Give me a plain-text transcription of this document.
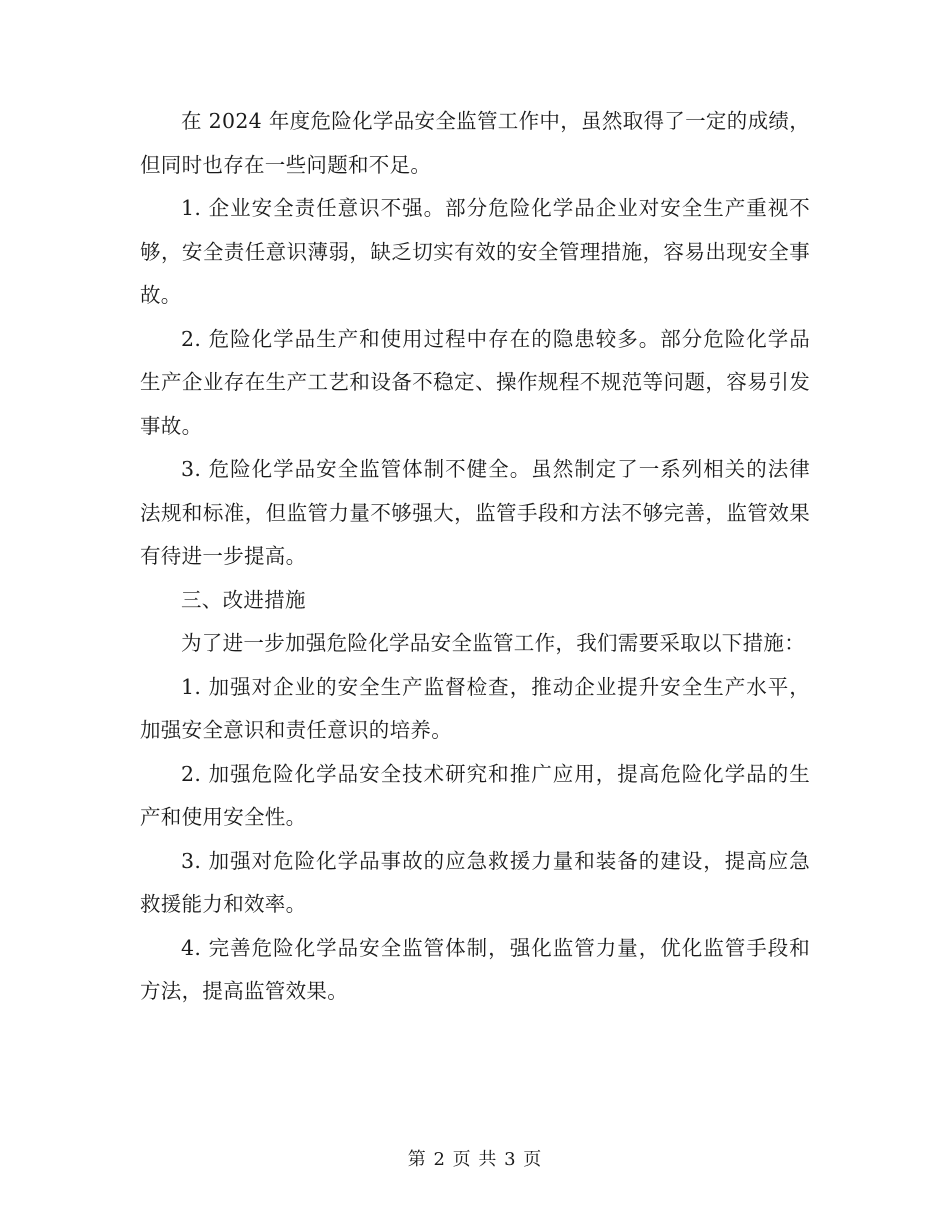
在 2024 年度危险化学品安全监管工作中，虽然取得了一定的成绩，但同时也存在一些问题和不足。

1. 企业安全责任意识不强。部分危险化学品企业对安全生产重视不够，安全责任意识薄弱，缺乏切实有效的安全管理措施，容易出现安全事故。

2. 危险化学品生产和使用过程中存在的隐患较多。部分危险化学品生产企业存在生产工艺和设备不稳定、操作规程不规范等问题，容易引发事故。

3. 危险化学品安全监管体制不健全。虽然制定了一系列相关的法律法规和标准，但监管力量不够强大，监管手段和方法不够完善，监管效果有待进一步提高。

三、改进措施

为了进一步加强危险化学品安全监管工作，我们需要采取以下措施：

1. 加强对企业的安全生产监督检查，推动企业提升安全生产水平，加强安全意识和责任意识的培养。

2. 加强危险化学品安全技术研究和推广应用，提高危险化学品的生产和使用安全性。

3. 加强对危险化学品事故的应急救援力量和装备的建设，提高应急救援能力和效率。

4. 完善危险化学品安全监管体制，强化监管力量，优化监管手段和方法，提高监管效果。

第 2 页 共 3 页
